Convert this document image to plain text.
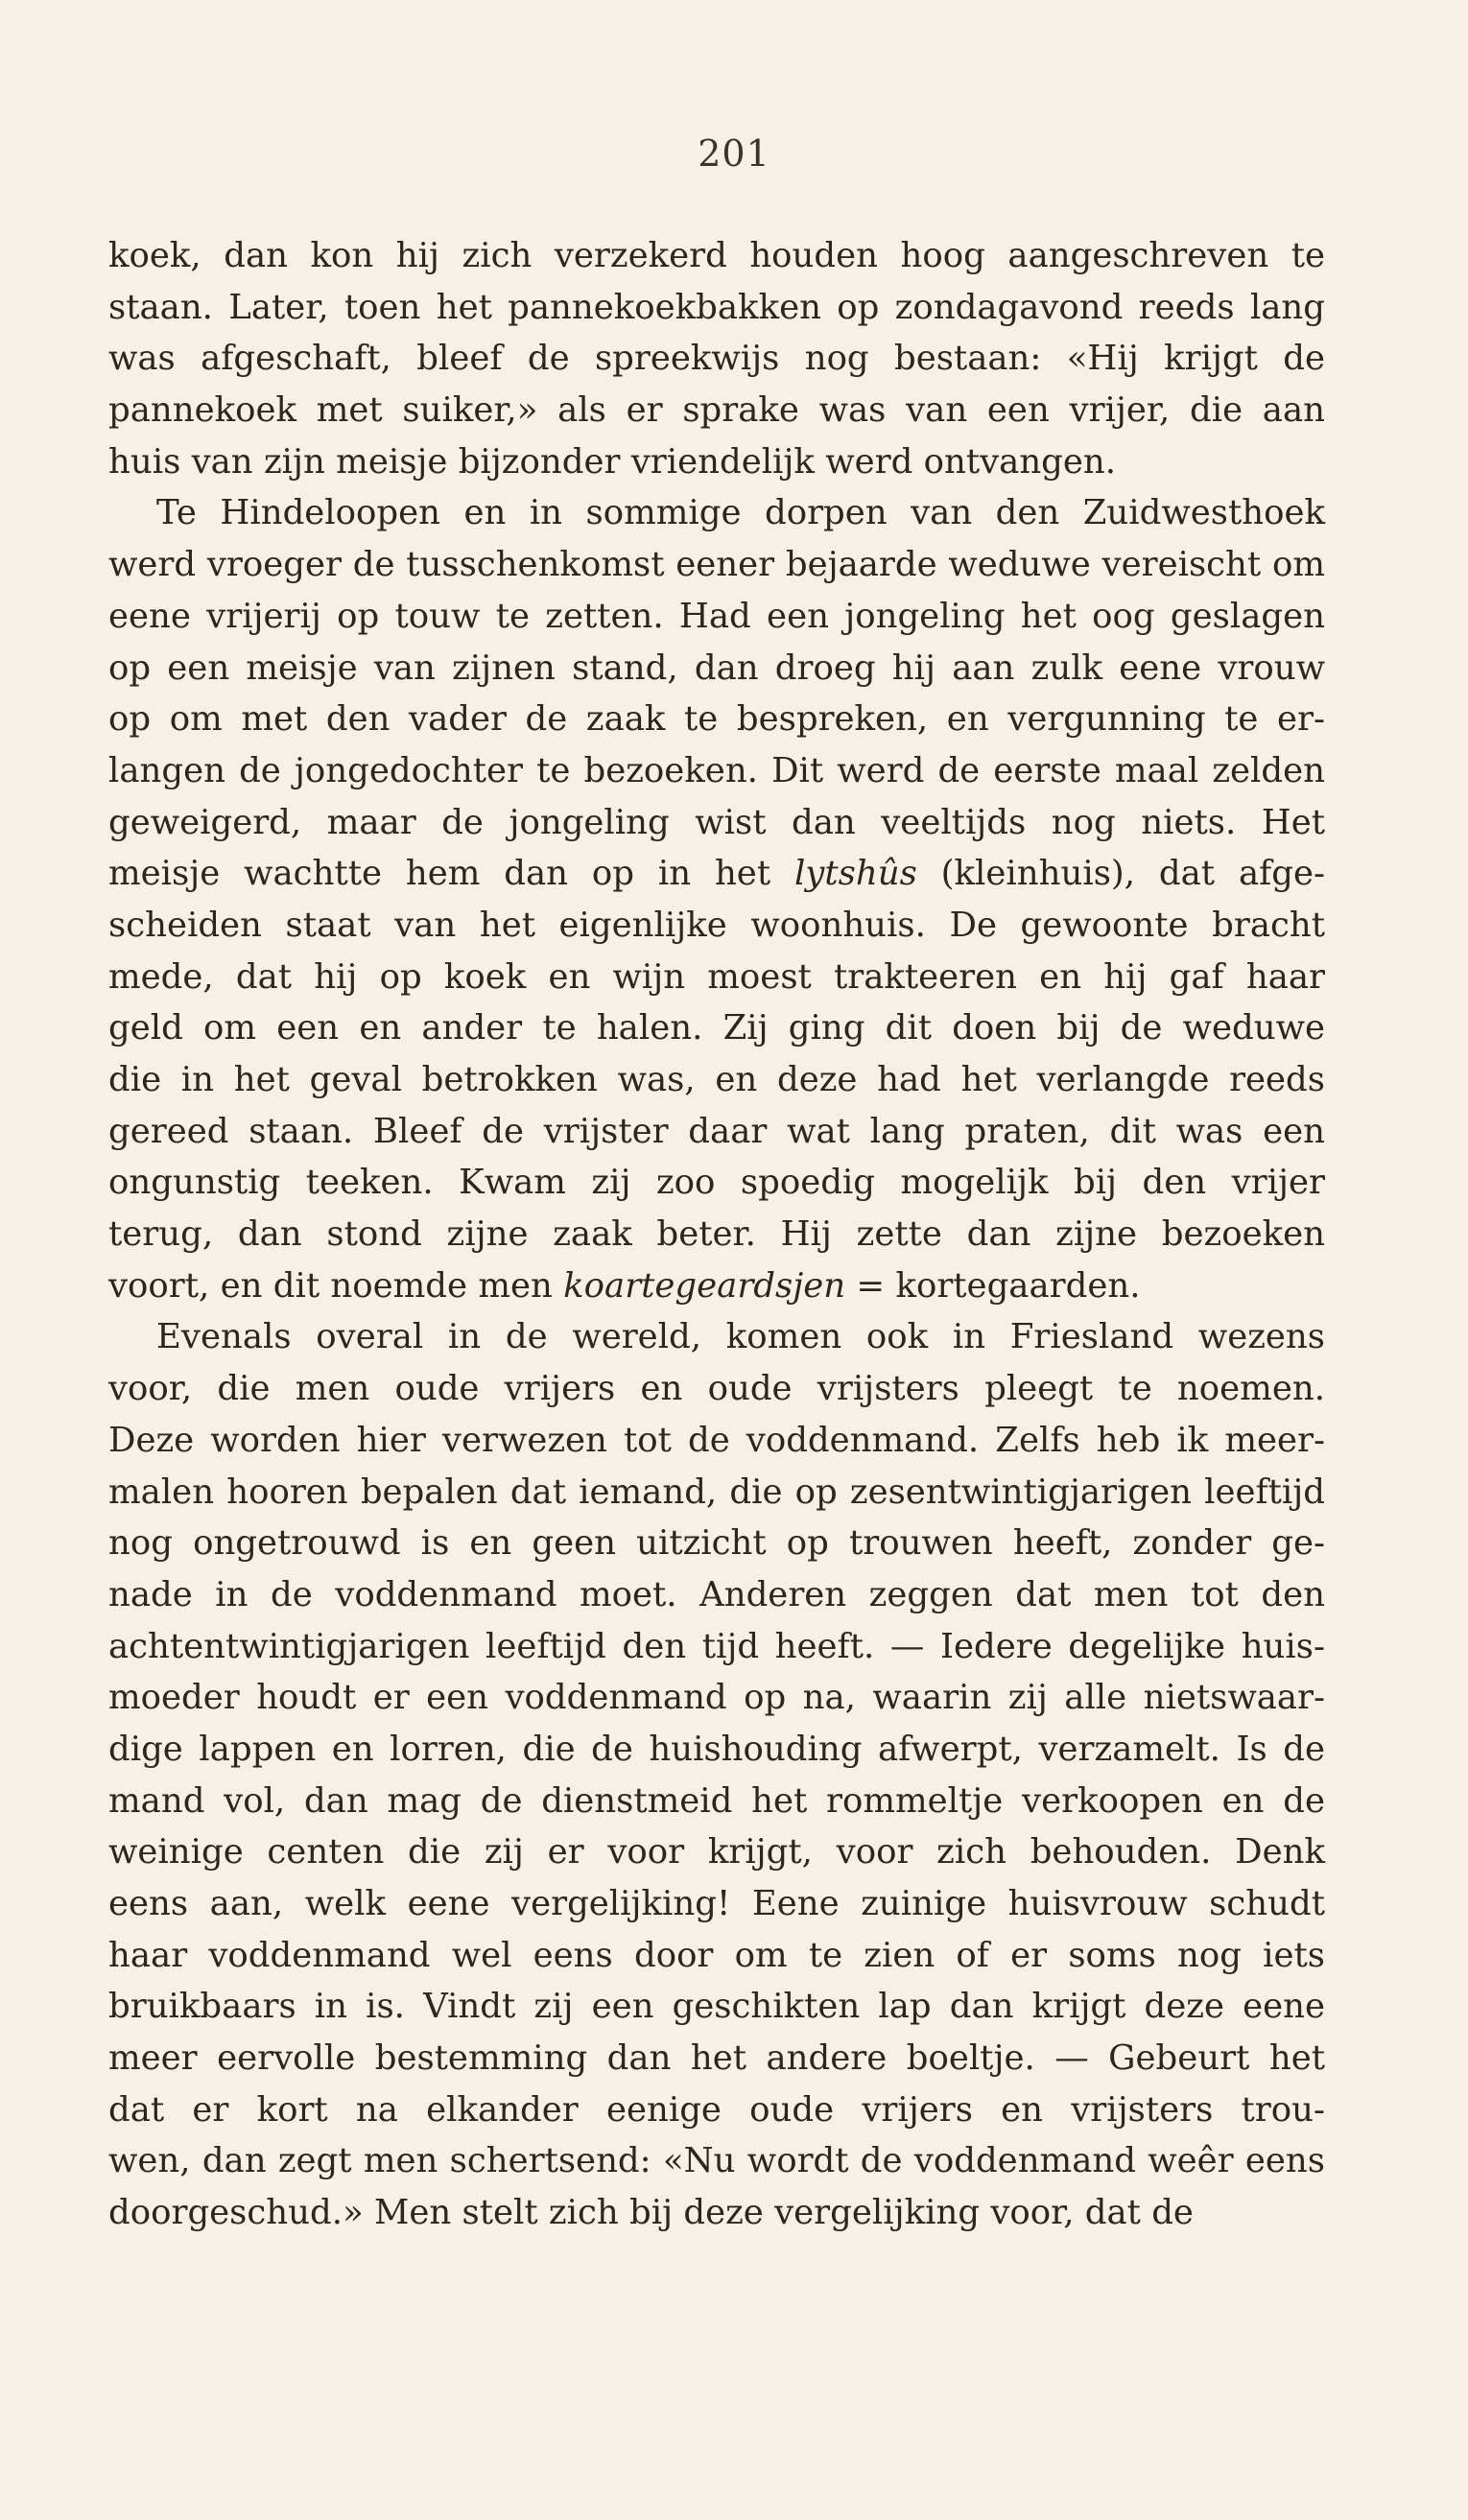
201
koek, dan kon hij zich verzekerd houden hoog aangeschreven te
staan. Later, toen het pannekoekbakken op zondagavond reeds lang
was afgeschaft, bleef de spreekwijs nog bestaan: «Hij krijgt de
pannekoek met suiker,» als er sprake was van een vrijer, die aan
huis van zijn meisje bijzonder vriendelijk werd ontvangen.
Te Hindeloopen en in sommige dorpen van den Zuidwesthoek
werd vroeger de tusschenkomst eener bejaarde weduwe vereischt om
eene vrijerij op touw te zetten. Had een jongeling het oog geslagen
op een meisje van zijnen stand, dan droeg hij aan zulk eene vrouw
op om met den vader de zaak te bespreken, en vergunning te er-
langen de jongedochter te bezoeken. Dit werd de eerste maal zelden
geweigerd, maar de jongeling wist dan veeltijds nog niets. Het
meisje wachtte hem dan op in het lytshûs (kleinhuis), dat afge-
scheiden staat van het eigenlijke woonhuis. De gewoonte bracht
mede, dat hij op koek en wijn moest trakteeren en hij gaf haar
geld om een en ander te halen. Zij ging dit doen bij de weduwe
die in het geval betrokken was, en deze had het verlangde reeds
gereed staan. Bleef de vrijster daar wat lang praten, dit was een
ongunstig teeken. Kwam zij zoo spoedig mogelijk bij den vrijer
terug, dan stond zijne zaak beter. Hij zette dan zijne bezoeken
voort, en dit noemde men koartegeardsjen = kortegaarden.
Evenals overal in de wereld, komen ook in Friesland wezens
voor, die men oude vrijers en oude vrijsters pleegt te noemen.
Deze worden hier verwezen tot de voddenmand. Zelfs heb ik meer-
malen hooren bepalen dat iemand, die op zesentwintigjarigen leeftijd
nog ongetrouwd is en geen uitzicht op trouwen heeft, zonder ge-
nade in de voddenmand moet. Anderen zeggen dat men tot den
achtentwintigjarigen leeftijd den tijd heeft. — Iedere degelijke huis-
moeder houdt er een voddenmand op na, waarin zij alle nietswaar-
dige lappen en lorren, die de huishouding afwerpt, verzamelt. Is de
mand vol, dan mag de dienstmeid het rommeltje verkoopen en de
weinige centen die zij er voor krijgt, voor zich behouden. Denk
eens aan, welk eene vergelijking! Eene zuinige huisvrouw schudt
haar voddenmand wel eens door om te zien of er soms nog iets
bruikbaars in is. Vindt zij een geschikten lap dan krijgt deze eene
meer eervolle bestemming dan het andere boeltje. — Gebeurt het
dat er kort na elkander eenige oude vrijers en vrijsters trou-
wen, dan zegt men schertsend: «Nu wordt de voddenmand weêr eens
doorgeschud.» Men stelt zich bij deze vergelijking voor, dat de
